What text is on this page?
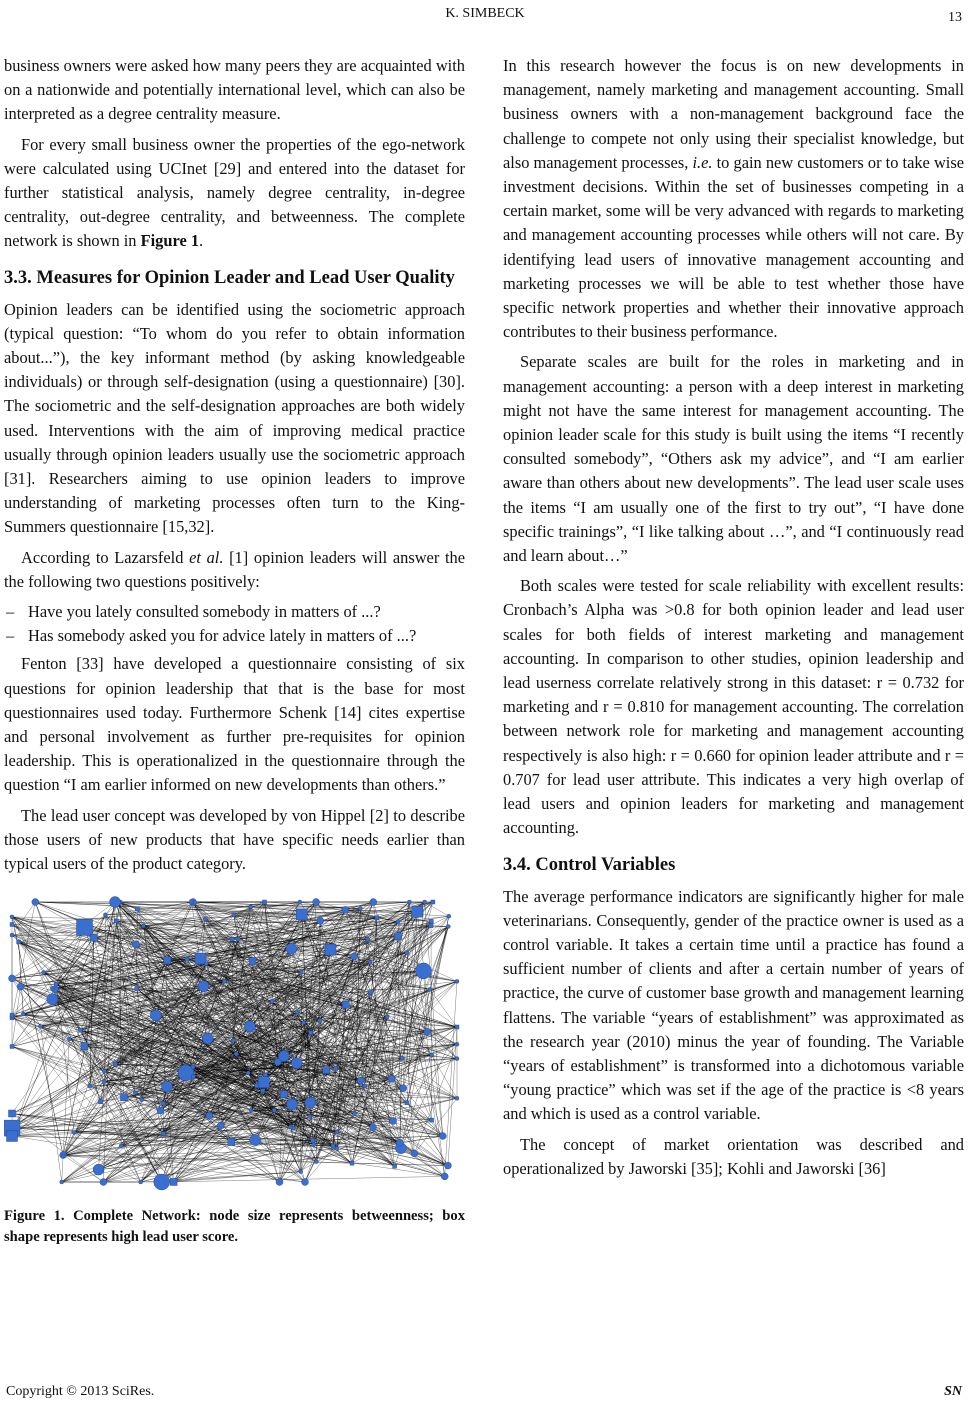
K. SIMBECK	13

business owners were asked how many peers they are acquainted with on a nationwide and potentially international level, which can also be interpreted as a degree centrality measure.

For every small business owner the properties of the ego-network were calculated using UCInet [29] and entered into the dataset for further statistical analysis, namely degree centrality, in-degree centrality, out-degree centrality, and betweenness. The complete network is shown in Figure 1.

3.3. Measures for Opinion Leader and Lead User Quality

Opinion leaders can be identified using the sociometric approach (typical question: “To whom do you refer to obtain information about...”), the key informant method (by asking knowledgeable individuals) or through self-designation (using a questionnaire) [30]. The sociometric and the self-designation approaches are both widely used. Interventions with the aim of improving medical practice usually through opinion leaders usually use the sociometric approach [31]. Researchers aiming to use opinion leaders to improve understanding of marketing processes often turn to the King-Summers questionnaire [15,32].

According to Lazarsfeld et al. [1] opinion leaders will answer the the following two questions positively:

– Have you lately consulted somebody in matters of ...?
– Has somebody asked you for advice lately in matters of ...?

Fenton [33] have developed a questionnaire consisting of six questions for opinion leadership that that is the base for most questionnaires used today. Furthermore Schenk [14] cites expertise and personal involvement as further pre-requisites for opinion leadership. This is operationalized in the questionnaire through the question “I am earlier informed on new developments than others.”

The lead user concept was developed by von Hippel [2] to describe those users of new products that have specific needs earlier than typical users of the product category.

Figure 1. Complete Network: node size represents betweenness; box shape represents high lead user score.

In this research however the focus is on new developments in management, namely marketing and management accounting. Small business owners with a non-management background face the challenge to compete not only using their specialist knowledge, but also management processes, i.e. to gain new customers or to take wise investment decisions. Within the set of businesses competing in a certain market, some will be very advanced with regards to marketing and management accounting processes while others will not care. By identifying lead users of innovative management accounting and marketing processes we will be able to test whether those have specific network properties and whether their innovative approach contributes to their business performance.

Separate scales are built for the roles in marketing and in management accounting: a person with a deep interest in marketing might not have the same interest for management accounting. The opinion leader scale for this study is built using the items “I recently consulted somebody”, “Others ask my advice”, and “I am earlier aware than others about new developments”. The lead user scale uses the items “I am usually one of the first to try out”, “I have done specific trainings”, “I like talking about …”, and “I continuously read and learn about…”

Both scales were tested for scale reliability with excellent results: Cronbach’s Alpha was >0.8 for both opinion leader and lead user scales for both fields of interest marketing and management accounting. In comparison to other studies, opinion leadership and lead userness correlate relatively strong in this dataset: r = 0.732 for marketing and r = 0.810 for management accounting. The correlation between network role for marketing and management accounting respectively is also high: r = 0.660 for opinion leader attribute and r = 0.707 for lead user attribute. This indicates a very high overlap of lead users and opinion leaders for marketing and management accounting.

3.4. Control Variables

The average performance indicators are significantly higher for male veterinarians. Consequently, gender of the practice owner is used as a control variable. It takes a certain time until a practice has found a sufficient number of clients and after a certain number of years of practice, the curve of customer base growth and management learning flattens. The variable “years of establishment” was approximated as the research year (2010) minus the year of founding. The Variable “years of establishment” is transformed into a dichotomous variable “young practice” which was set if the age of the practice is <8 years and which is used as a control variable.

The concept of market orientation was described and operationalized by Jaworski [35]; Kohli and Jaworski [36]

Copyright © 2013 SciRes.	SN
